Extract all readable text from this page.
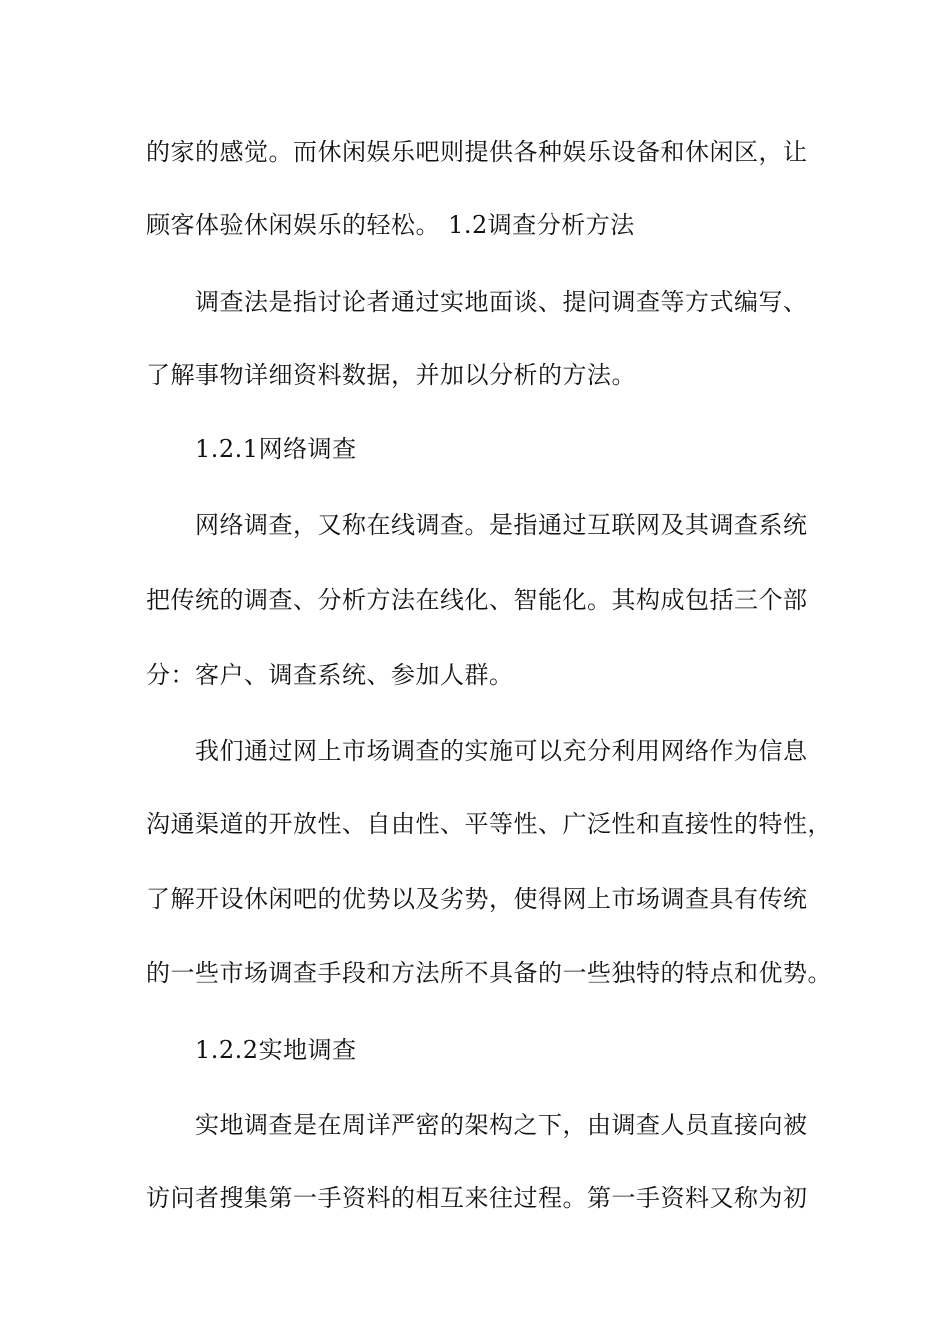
的家的感觉。而休闲娱乐吧则提供各种娱乐设备和休闲区，让
顾客体验休闲娱乐的轻松。 1.2调查分析方法
调查法是指讨论者通过实地面谈、提问调查等方式编写、
了解事物详细资料数据，并加以分析的方法。
1.2.1网络调查
网络调查，又称在线调查。是指通过互联网及其调查系统
把传统的调查、分析方法在线化、智能化。其构成包括三个部
分：客户、调查系统、参加人群。
我们通过网上市场调查的实施可以充分利用网络作为信息
沟通渠道的开放性、自由性、平等性、广泛性和直接性的特性，
了解开设休闲吧的优势以及劣势，使得网上市场调查具有传统
的一些市场调查手段和方法所不具备的一些独特的特点和优势。
1.2.2实地调查
实地调查是在周详严密的架构之下，由调查人员直接向被
访问者搜集第一手资料的相互来往过程。第一手资料又称为初
